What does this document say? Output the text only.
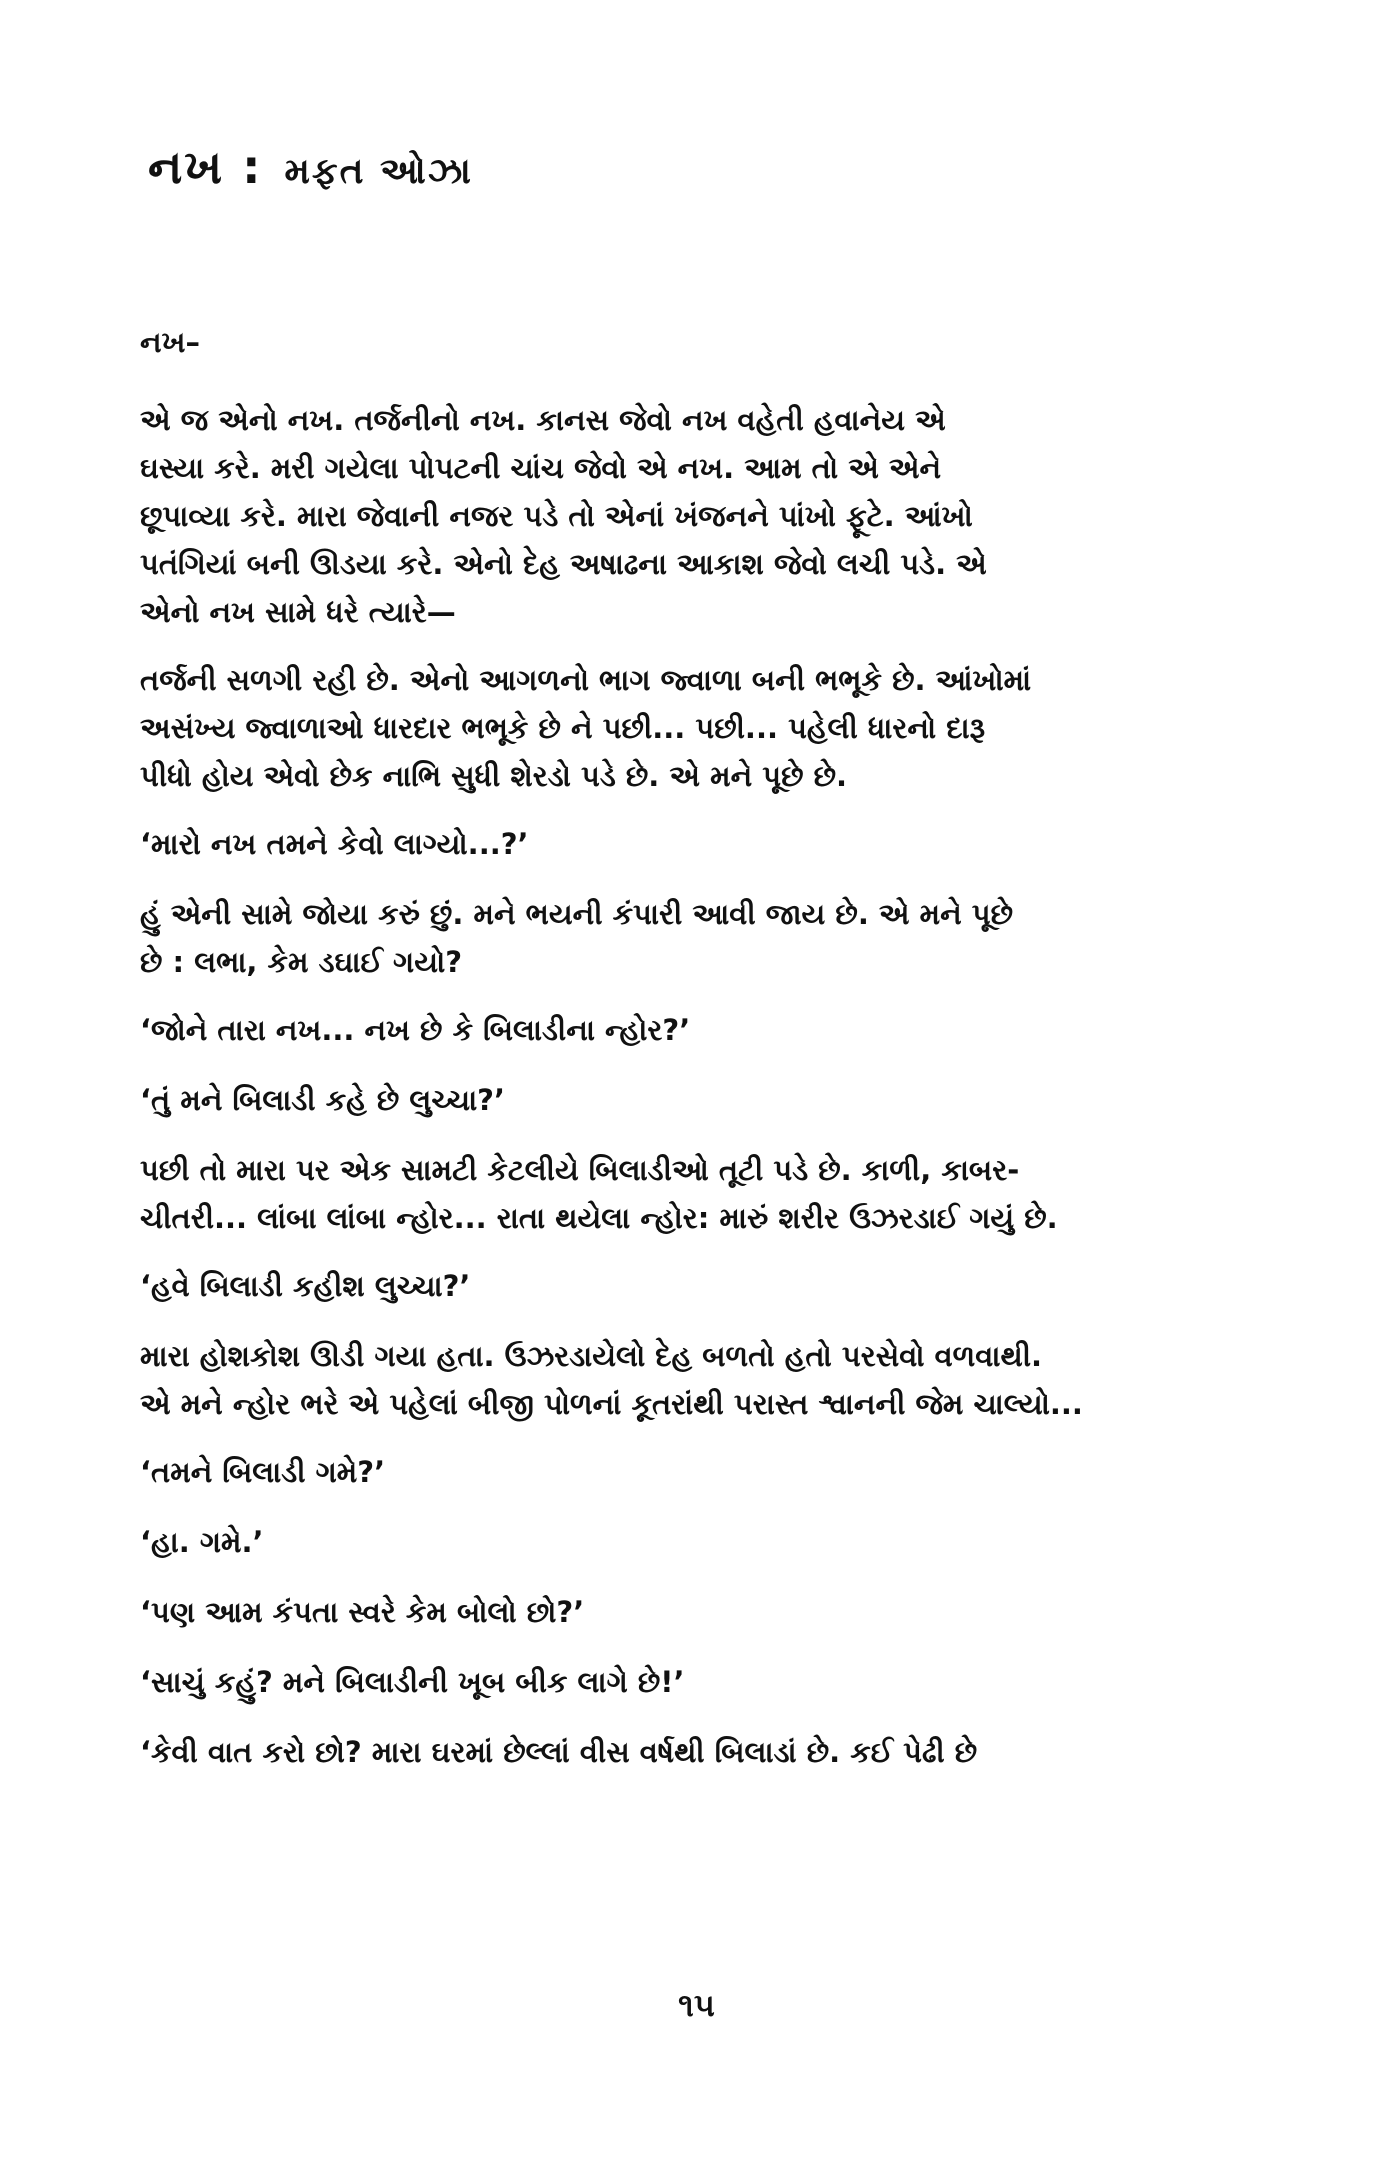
નખ : મફત ઓઝા
નખ–
એ જ એનો નખ. તર્જનીનો નખ. કાનસ જેવો નખ વહેતી હવાનેય એ
ઘસ્યા કરે. મરી ગયેલા પોપટની ચાંચ જેવો એ નખ. આમ તો એ એને
છૂપાવ્યા કરે. મારા જેવાની નજર પડે તો એનાં ખંજનને પાંખો ફૂટે. આંખો
પતંગિયાં બની ઊડયા કરે. એનો દેહ અષાઢના આકાશ જેવો લચી પડે. એ
એનો નખ સામે ધરે ત્યારે—
તર્જની સળગી રહી છે. એનો આગળનો ભાગ જ્વાળા બની ભભૂકે છે. આંખોમાં
અસંખ્ય જ્વાળાઓ ધારદાર ભભૂકે છે ને પછી... પછી... પહેલી ધારનો દારૂ
પીધો હોય એવો છેક નાભિ સુધી શેરડો પડે છે. એ મને પૂછે છે.
‘મારો નખ તમને કેવો લાગ્યો...?’
હું એની સામે જોયા કરું છું. મને ભયની કંપારી આવી જાય છે. એ મને પૂછે
છે : લભા, કેમ ડઘાઈ ગયો?
‘જોને તારા નખ... નખ છે કે બિલાડીના ન્હોર?’
‘તું મને બિલાડી કહે છે લુચ્ચા?’
પછી તો મારા પર એક સામટી કેટલીયે બિલાડીઓ તૂટી પડે છે. કાળી, કાબર-
ચીતરી... લાંબા લાંબા ન્હોર... રાતા થયેલા ન્હોર: મારું શરીર ઉઝરડાઈ ગયું છે.
‘હવે બિલાડી કહીશ લુચ્ચા?’
મારા હોશકોશ ઊડી ગયા હતા. ઉઝરડાયેલો દેહ બળતો હતો પરસેવો વળવાથી.
એ મને ન્હોર ભરે એ પહેલાં બીજી પોળનાં કૂતરાંથી પરાસ્ત શ્વાનની જેમ ચાલ્યો...
‘તમને બિલાડી ગમે?’
‘હા. ગમે.’
‘પણ આમ કંપતા સ્વરે કેમ બોલો છો?’
‘સાચું કહું? મને બિલાડીની ખૂબ બીક લાગે છે!’
‘કેવી વાત કરો છો? મારા ઘરમાં છેલ્લાં વીસ વર્ષથી બિલાડાં છે. કઈ પેઢી છે
૧૫
